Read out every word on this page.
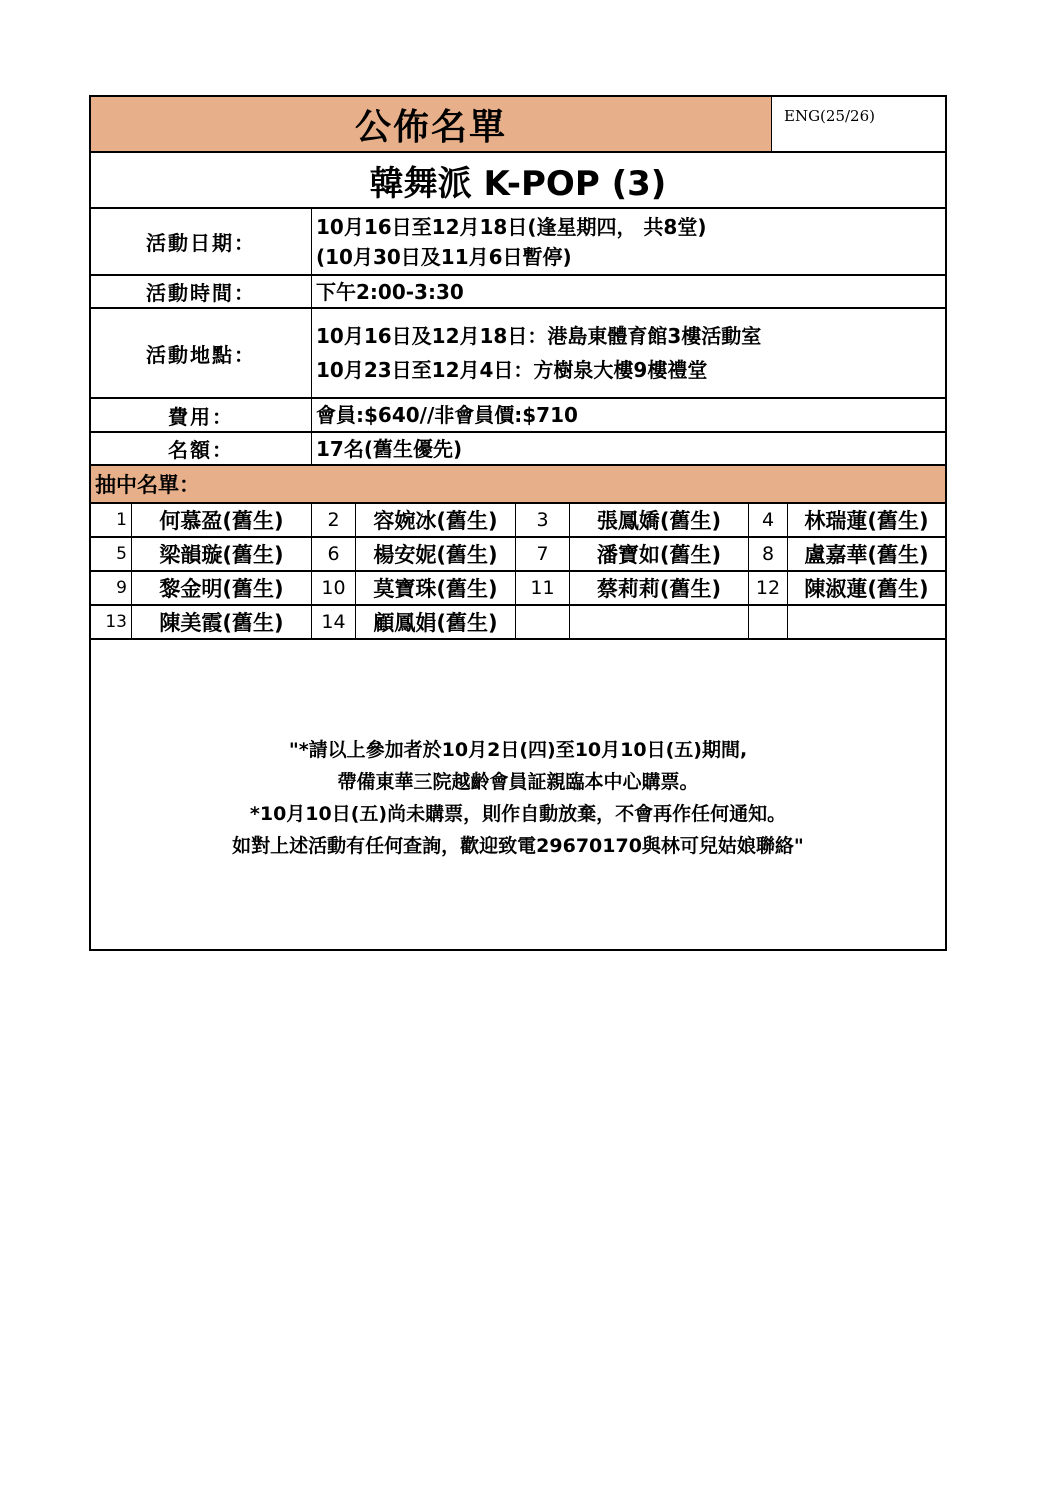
公佈名單	ENG(25/26)
韓舞派 K-POP (3)
活動日期：
10月16日至12月18日(逢星期四， 共8堂)
(10月30日及11月6日暫停)
活動時間：	下午2:00-3:30
活動地點：
10月16日及12月18日：港島東體育館3樓活動室
10月23日至12月4日：方樹泉大樓9樓禮堂
費用：	會員:$640//非會員價:$710
名額：	17名(舊生優先)
抽中名單：
1	何慕盈(舊生)	2	容婉冰(舊生)	3	張鳳嬌(舊生)	4	林瑞蓮(舊生)
5	梁韻璇(舊生)	6	楊安妮(舊生)	7	潘寶如(舊生)	8	盧嘉華(舊生)
9	黎金明(舊生)	10	莫寶珠(舊生)	11	蔡莉莉(舊生)	12	陳淑蓮(舊生)
13	陳美霞(舊生)	14	顧鳳娟(舊生)
"*請以上參加者於10月2日(四)至10月10日(五)期間,
帶備東華三院越齡會員証親臨本中心購票。
*10月10日(五)尚未購票，則作自動放棄，不會再作任何通知。
如對上述活動有任何查詢，歡迎致電29670170與林可兒姑娘聯絡"
